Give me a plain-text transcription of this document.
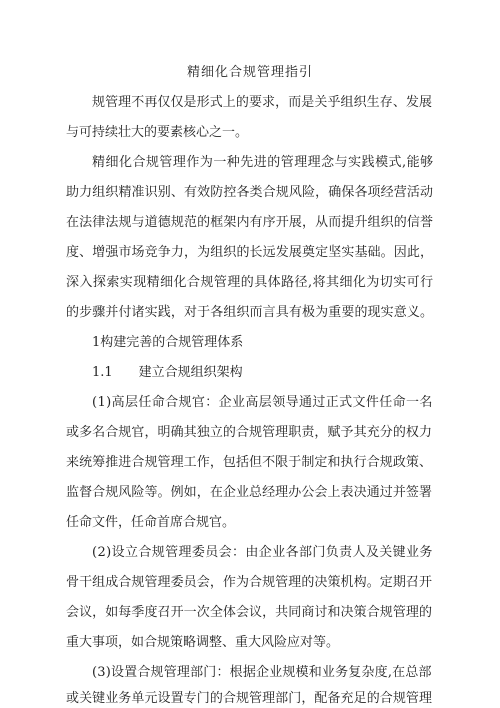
精细化合规管理指引
规管理不再仅仅是形式上的要求，而是关乎组织生存、发展
与可持续壮大的要素核心之一。
精细化合规管理作为一种先进的管理理念与实践模式,能够
助力组织精准识别、有效防控各类合规风险，确保各项经营活动
在法律法规与道德规范的框架内有序开展，从而提升组织的信誉
度、增强市场竞争力，为组织的长远发展奠定坚实基础。因此，
深入探索实现精细化合规管理的具体路径,将其细化为切实可行
的步骤并付诸实践，对于各组织而言具有极为重要的现实意义。
1构建完善的合规管理体系
1.1　　建立合规组织架构
(1)高层任命合规官：企业高层领导通过正式文件任命一名
或多名合规官，明确其独立的合规管理职责，赋予其充分的权力
来统筹推进合规管理工作，包括但不限于制定和执行合规政策、
监督合规风险等。例如，在企业总经理办公会上表决通过并签署
任命文件，任命首席合规官。
(2)设立合规管理委员会：由企业各部门负责人及关键业务
骨干组成合规管理委员会，作为合规管理的决策机构。定期召开
会议，如每季度召开一次全体会议，共同商讨和决策合规管理的
重大事项，如合规策略调整、重大风险应对等。
(3)设置合规管理部门：根据企业规模和业务复杂度,在总部
或关键业务单元设置专门的合规管理部门，配备充足的合规管理
